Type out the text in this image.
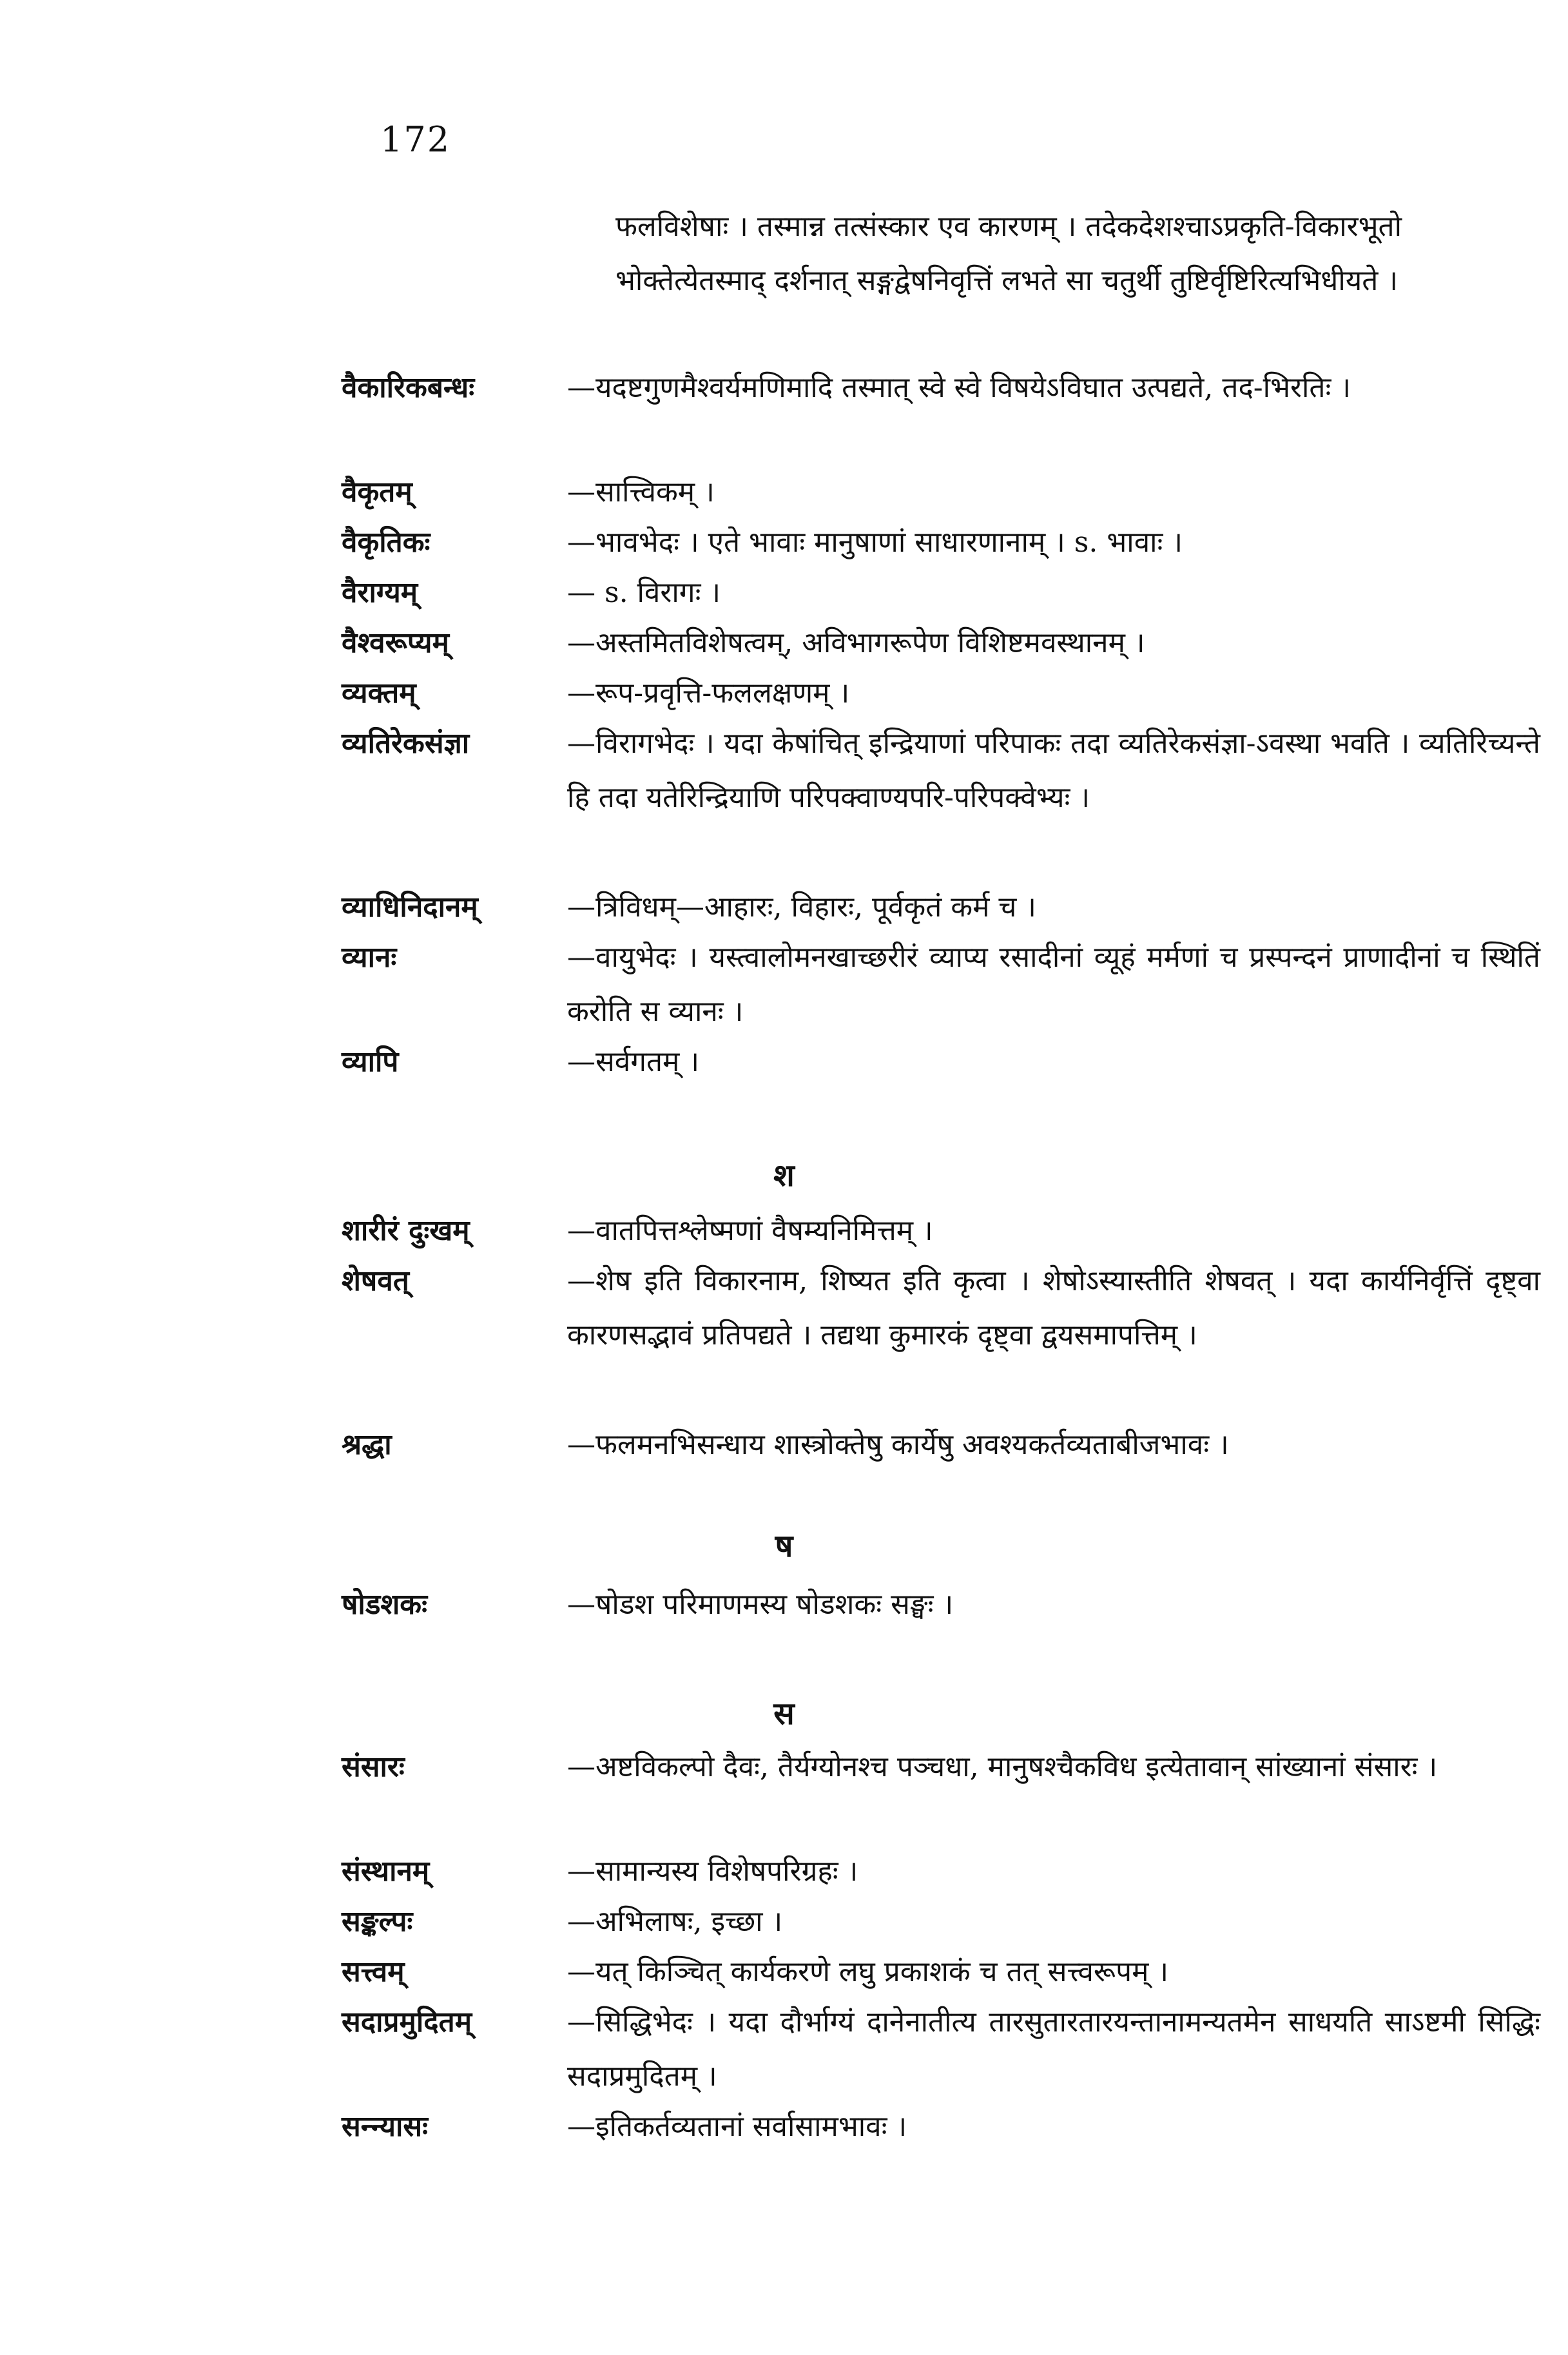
172
फलविशेषाः । तस्मान्न तत्संस्कार एव कारणम् । तदेकदेशश्चाऽप्रकृति-विकारभूतो भोक्तेत्येतस्माद् दर्शनात् सङ्गद्वेषनिवृत्तिं लभते सा चतुर्थी तुष्टिर्वृष्टिरित्यभिधीयते ।
वैकारिकबन्धः	—यदष्टगुणमैश्वर्यमणिमादि तस्मात् स्वे स्वे विषयेऽविघात उत्पद्यते, तद-भिरतिः ।
वैकृतम्	—सात्त्विकम् ।
वैकृतिकः	—भावभेदः । एते भावाः मानुषाणां साधारणानाम् । s. भावाः ।
वैराग्यम्	— s. विरागः ।
वैश्वरूप्यम्	—अस्तमितविशेषत्वम्, अविभागरूपेण विशिष्टमवस्थानम् ।
व्यक्तम्	—रूप-प्रवृत्ति-फललक्षणम् ।
व्यतिरेकसंज्ञा	—विरागभेदः । यदा केषांचित् इन्द्रियाणां परिपाकः तदा व्यतिरेकसंज्ञा-ऽवस्था भवति । व्यतिरिच्यन्ते हि तदा यतेरिन्द्रियाणि परिपक्वाण्यपरि-परिपक्वेभ्यः ।
व्याधिनिदानम्	—त्रिविधम्—आहारः, विहारः, पूर्वकृतं कर्म च ।
व्यानः	—वायुभेदः । यस्त्वालोमनखाच्छरीरं व्याप्य रसादीनां व्यूहं मर्मणां च प्रस्पन्दनं प्राणादीनां च स्थितिं करोति स व्यानः ।
व्यापि	—सर्वगतम् ।
श
शारीरं दुःखम्	—वातपित्तश्लेष्मणां वैषम्यनिमित्तम् ।
शेषवत्	—शेष इति विकारनाम, शिष्यत इति कृत्वा । शेषोऽस्यास्तीति शेषवत् । यदा कार्यनिर्वृत्तिं दृष्ट्वा कारणसद्भावं प्रतिपद्यते । तद्यथा कुमारकं दृष्ट्वा द्वयसमापत्तिम् ।
श्रद्धा	—फलमनभिसन्धाय शास्त्रोक्तेषु कार्येषु अवश्यकर्तव्यताबीजभावः ।
ष
षोडशकः	—षोडश परिमाणमस्य षोडशकः सङ्घः ।
स
संसारः	—अष्टविकल्पो दैवः, तैर्यग्योनश्च पञ्चधा, मानुषश्चैकविध इत्येतावान् सांख्यानां संसारः ।
संस्थानम्	—सामान्यस्य विशेषपरिग्रहः ।
सङ्कल्पः	—अभिलाषः, इच्छा ।
सत्त्वम्	—यत् किञ्चित् कार्यकरणे लघु प्रकाशकं च तत् सत्त्वरूपम् ।
सदाप्रमुदितम्	—सिद्धिभेदः । यदा दौर्भाग्यं दानेनातीत्य तारसुतारतारयन्तानामन्यतमेन साधयति साऽष्टमी सिद्धिः सदाप्रमुदितम् ।
सन्न्यासः	—इतिकर्तव्यतानां सर्वासामभावः ।
